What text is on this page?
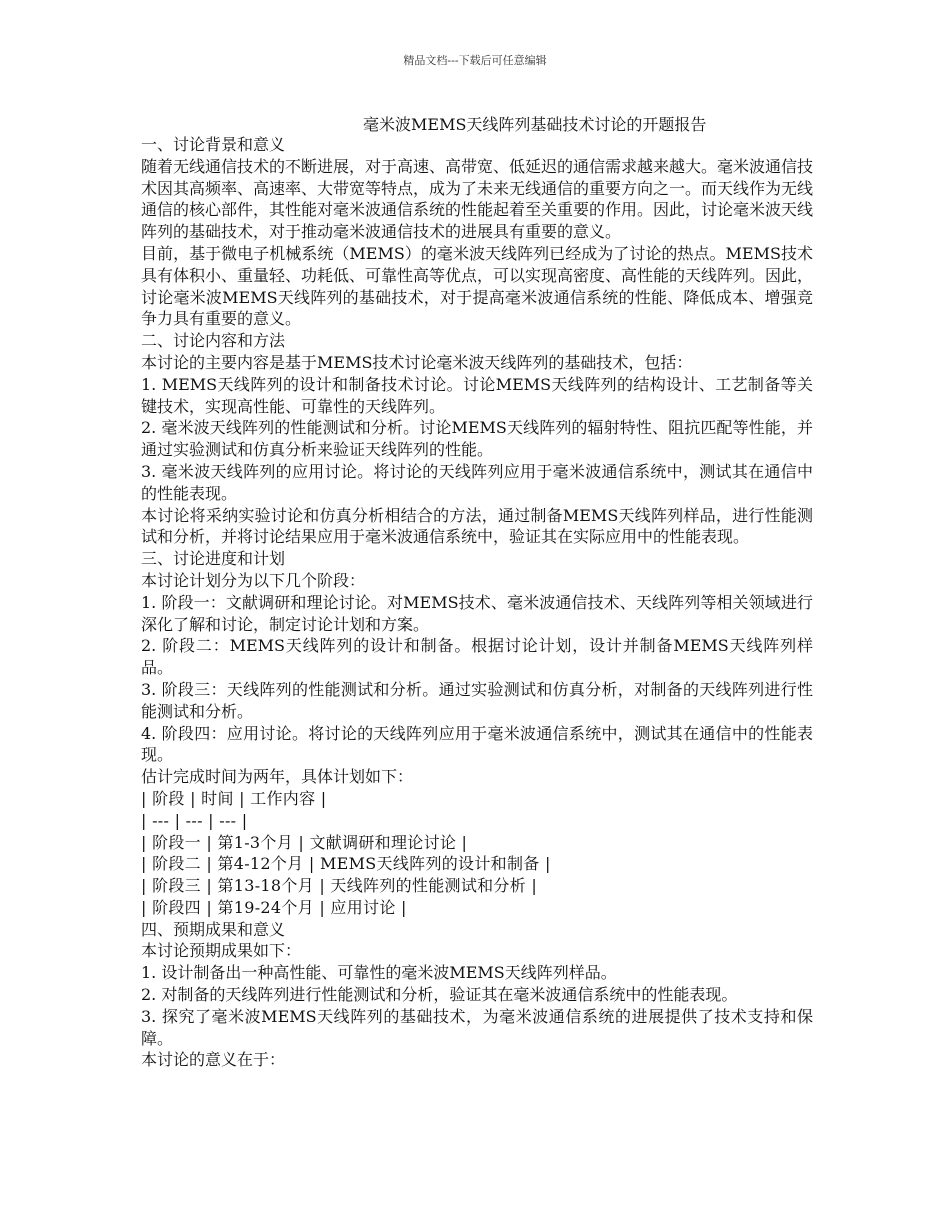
精品文档---下载后可任意编辑
毫米波MEMS天线阵列基础技术讨论的开题报告

一、讨论背景和意义

随着无线通信技术的不断进展，对于高速、高带宽、低延迟的通信需求越来越大。毫米波通信技术因其高频率、高速率、大带宽等特点，成为了未来无线通信的重要方向之一。而天线作为无线通信的核心部件，其性能对毫米波通信系统的性能起着至关重要的作用。因此，讨论毫米波天线阵列的基础技术，对于推动毫米波通信技术的进展具有重要的意义。

目前，基于微电子机械系统（MEMS）的毫米波天线阵列已经成为了讨论的热点。MEMS技术具有体积小、重量轻、功耗低、可靠性高等优点，可以实现高密度、高性能的天线阵列。因此，讨论毫米波MEMS天线阵列的基础技术，对于提高毫米波通信系统的性能、降低成本、增强竞争力具有重要的意义。

二、讨论内容和方法

本讨论的主要内容是基于MEMS技术讨论毫米波天线阵列的基础技术，包括：

1. MEMS天线阵列的设计和制备技术讨论。讨论MEMS天线阵列的结构设计、工艺制备等关键技术，实现高性能、可靠性的天线阵列。

2. 毫米波天线阵列的性能测试和分析。讨论MEMS天线阵列的辐射特性、阻抗匹配等性能，并通过实验测试和仿真分析来验证天线阵列的性能。

3. 毫米波天线阵列的应用讨论。将讨论的天线阵列应用于毫米波通信系统中，测试其在通信中的性能表现。

本讨论将采纳实验讨论和仿真分析相结合的方法，通过制备MEMS天线阵列样品，进行性能测试和分析，并将讨论结果应用于毫米波通信系统中，验证其在实际应用中的性能表现。

三、讨论进度和计划

本讨论计划分为以下几个阶段：

1. 阶段一：文献调研和理论讨论。对MEMS技术、毫米波通信技术、天线阵列等相关领域进行深化了解和讨论，制定讨论计划和方案。

2. 阶段二：MEMS天线阵列的设计和制备。根据讨论计划，设计并制备MEMS天线阵列样品。

3. 阶段三：天线阵列的性能测试和分析。通过实验测试和仿真分析，对制备的天线阵列进行性能测试和分析。

4. 阶段四：应用讨论。将讨论的天线阵列应用于毫米波通信系统中，测试其在通信中的性能表现。

估计完成时间为两年，具体计划如下：

| 阶段 | 时间 | 工作内容 |

| --- | --- | --- |

| 阶段一 | 第1-3个月 | 文献调研和理论讨论 |

| 阶段二 | 第4-12个月 | MEMS天线阵列的设计和制备 |

| 阶段三 | 第13-18个月 | 天线阵列的性能测试和分析 |

| 阶段四 | 第19-24个月 | 应用讨论 |

四、预期成果和意义

本讨论预期成果如下：

1. 设计制备出一种高性能、可靠性的毫米波MEMS天线阵列样品。

2. 对制备的天线阵列进行性能测试和分析，验证其在毫米波通信系统中的性能表现。

3. 探究了毫米波MEMS天线阵列的基础技术，为毫米波通信系统的进展提供了技术支持和保障。

本讨论的意义在于：
